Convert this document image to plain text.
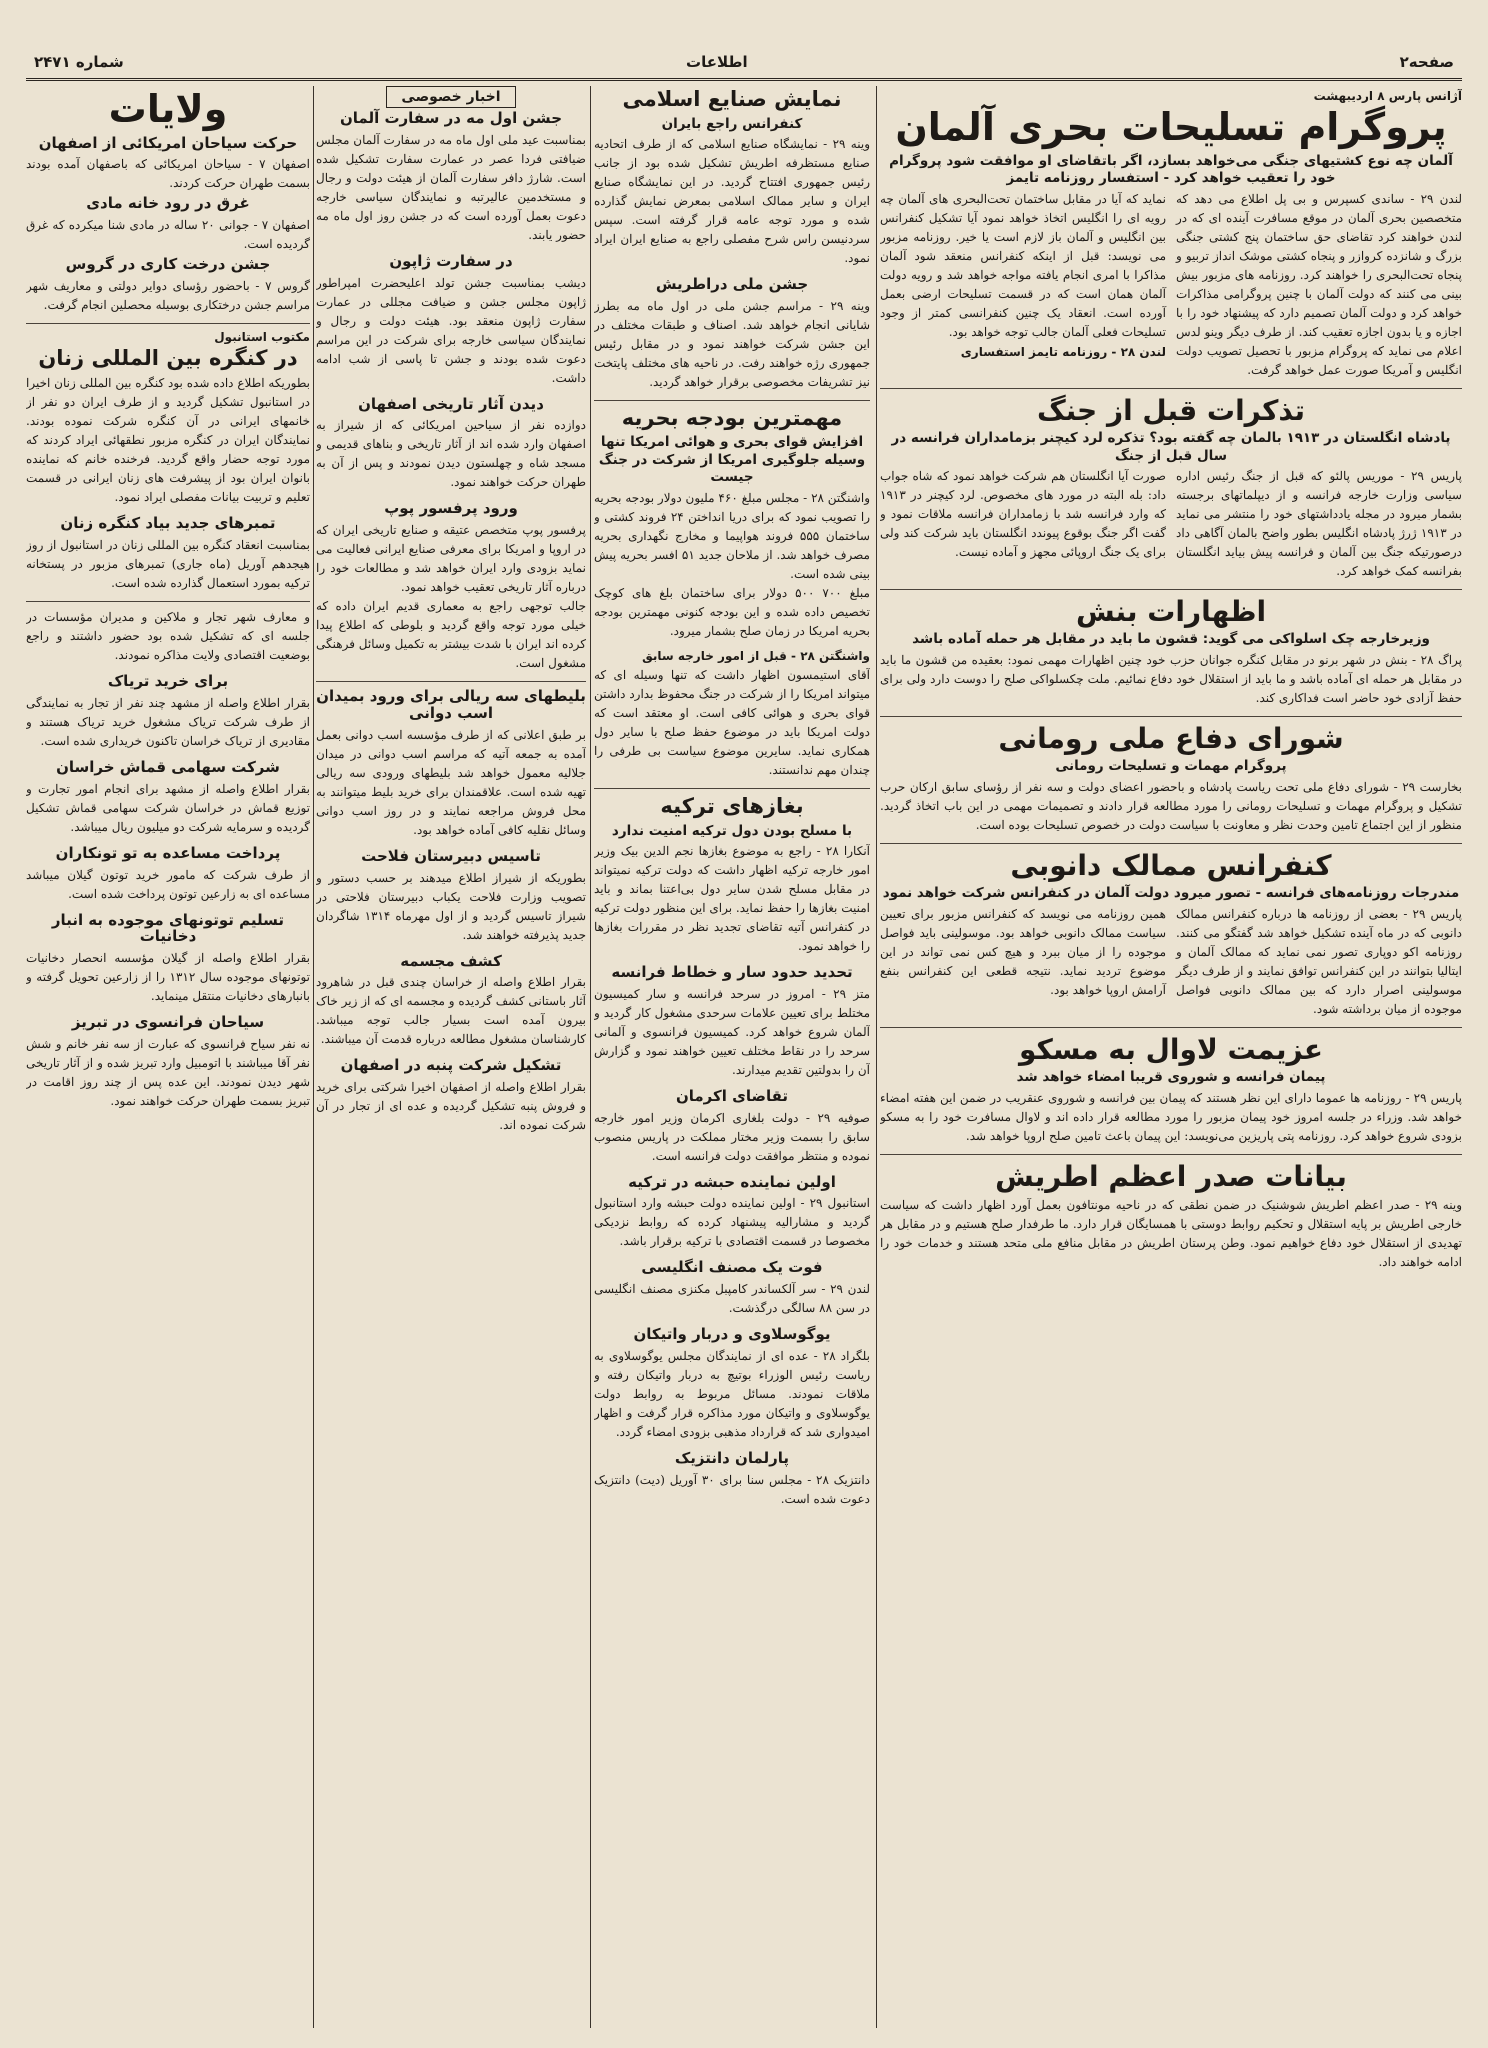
صفحه۲
اطلاعات
شماره ۲۴۷۱
آژانس پارس ۸ اردیبهشت
پروگرام تسلیحات بحری آلمان
آلمان چه نوع کشتیهای جنگی می‌خواهد بسازد، اگر باتقاضای او موافقت شود پروگرام خود را تعقیب خواهد کرد - استفسار روزنامه تایمز
لندن ۲۹ - ساندی کسپرس و بی پل اطلاع می دهد که متخصصین بحری آلمان در موقع مسافرت آینده ای که در لندن خواهند کرد تقاضای حق ساختمان پنج کشتی جنگی بزرگ و شانزده کروازر و پنجاه کشتی موشک انداز تربیو و پنجاه تحت‌البحری را خواهند کرد. روزنامه های مزبور بیش بینی می کنند که دولت آلمان با چنین پروگرامی مذاکرات خواهد کرد و دولت آلمان تصمیم دارد که پیشنهاد خود را با اجازه و یا بدون اجازه تعقیب کند. از طرف دیگر وینو لدس اعلام می نماید که پروگرام مزبور با تحصیل تصویب دولت انگلیس و آمریکا صورت عمل خواهد گرفت.
نماید که آیا در مقابل ساختمان تحت‌البحری های آلمان چه رویه ای را انگلیس اتخاذ خواهد نمود آیا تشکیل کنفرانس بین انگلیس و آلمان باز لازم است یا خیر. روزنامه مزبور می نویسد: قبل از اینکه کنفرانس منعقد شود آلمان مذاکرا با امری انجام یافته مواجه خواهد شد و رویه دولت آلمان همان است که در قسمت تسلیحات ارضی بعمل آورده است. انعقاد یک چنین کنفرانسی کمتر از وجود تسلیحات فعلی آلمان جالب توجه خواهد بود.
لندن ۲۸ - روزنامه تایمز استفساری
تذکرات قبل از جنگ
پادشاه انگلستان در ۱۹۱۳ بالمان چه گفته بود؟ تذکره لرد کیچنر بزمامداران فرانسه در سال قبل از جنگ
پاریس ۲۹ - موریس پالئو که قبل از جنگ رئیس اداره سیاسی وزارت خارجه فرانسه و از دیپلماتهای برجسته بشمار میرود در مجله یادداشتهای خود را منتشر می نماید در ۱۹۱۳ ژرژ پادشاه انگلیس بطور واضح بالمان آگاهی داد درصورتیکه جنگ بین آلمان و فرانسه پیش بیاید انگلستان بفرانسه کمک خواهد کرد.
صورت آیا انگلستان هم شرکت خواهد نمود که شاه جواب داد: بله البته در مورد های مخصوص. لرد کیچنر در ۱۹۱۳ که وارد فرانسه شد با زمامداران فرانسه ملاقات نمود و گفت اگر جنگ بوقوع پیوندد انگلستان باید شرکت کند ولی برای یک جنگ اروپائی مجهز و آماده نیست.
اظهارات بنش
وزیرخارجه چک اسلواکی می گوید: قشون ما باید در مقابل هر حمله آماده باشد
پراگ ۲۸ - بنش در شهر برنو در مقابل کنگره جوانان حزب خود چنین اظهارات مهمی نمود: بعقیده من قشون ما باید در مقابل هر حمله ای آماده باشد و ما باید از استقلال خود دفاع نمائیم. ملت چکسلواکی صلح را دوست دارد ولی برای حفظ آزادی خود حاضر است فداکاری کند.
شورای دفاع ملی رومانی
پروگرام مهمات و تسلیحات رومانی
بخارست ۲۹ - شورای دفاع ملی تحت ریاست پادشاه و باحضور اعضای دولت و سه نفر از رؤسای سابق ارکان حرب تشکیل و پروگرام مهمات و تسلیحات رومانی را مورد مطالعه قرار دادند و تصمیمات مهمی در این باب اتخاذ گردید. منظور از این اجتماع تامین وحدت نظر و معاونت با سیاست دولت در خصوص تسلیحات بوده است.
کنفرانس ممالک دانوبی
مندرجات روزنامه‌های فرانسه - تصور میرود دولت آلمان در کنفرانس شرکت خواهد نمود
پاریس ۲۹ - بعضی از روزنامه ها درباره کنفرانس ممالک دانوبی که در ماه آینده تشکیل خواهد شد گفتگو می کنند. روزنامه اکو دوپاری تصور نمی نماید که ممالک آلمان و ایتالیا بتوانند در این کنفرانس توافق نمایند و از طرف دیگر موسولینی اصرار دارد که بین ممالک دانوبی فواصل موجوده از میان برداشته شود.
همین روزنامه می نویسد که کنفرانس مزبور برای تعیین سیاست ممالک دانوبی خواهد بود. موسولینی باید فواصل موجوده را از میان ببرد و هیچ کس نمی تواند در این موضوع تردید نماید. نتیجه قطعی این کنفرانس بنفع آرامش اروپا خواهد بود.
عزیمت لاوال به مسکو
پیمان فرانسه و شوروی قریبا امضاء خواهد شد
پاریس ۲۹ - روزنامه ها عموما دارای این نظر هستند که پیمان بین فرانسه و شوروی عنقریب در ضمن این هفته امضاء خواهد شد. وزراء در جلسه امروز خود پیمان مزبور را مورد مطالعه قرار داده اند و لاوال مسافرت خود را به مسکو بزودی شروع خواهد کرد. روزنامه پتی پاریزین می‌نویسد: این پیمان باعث تامین صلح اروپا خواهد شد.
بیانات صدر اعظم اطریش
وینه ۲۹ - صدر اعظم اطریش شوشنیک در ضمن نطقی که در ناحیه مونتافون بعمل آورد اظهار داشت که سیاست خارجی اطریش بر پایه استقلال و تحکیم روابط دوستی با همسایگان قرار دارد. ما طرفدار صلح هستیم و در مقابل هر تهدیدی از استقلال خود دفاع خواهیم نمود. وطن پرستان اطریش در مقابل منافع ملی متحد هستند و خدمات خود را ادامه خواهند داد.
نمایش صنایع اسلامی
کنفرانس راجع بایران
وینه ۲۹ - نمایشگاه صنایع اسلامی که از طرف اتحادیه صنایع مستظرفه اطریش تشکیل شده بود از جانب رئیس جمهوری افتتاح گردید. در این نمایشگاه صنایع ایران و سایر ممالک اسلامی بمعرض نمایش گذارده شده و مورد توجه عامه قرار گرفته است. سپس سردنیسن راس شرح مفصلی راجع به صنایع ایران ایراد نمود.
جشن ملی دراطریش
وینه ۲۹ - مراسم جشن ملی در اول ماه مه بطرز شایانی انجام خواهد شد. اصناف و طبقات مختلف در این جشن شرکت خواهند نمود و در مقابل رئیس جمهوری رژه خواهند رفت. در ناحیه های مختلف پایتخت نیز تشریفات مخصوصی برقرار خواهد گردید.
مهمترین بودجه بحریه
افزایش قوای بحری و هوائی امریکا تنها وسیله جلوگیری امریکا از شرکت در جنگ جیست
واشنگتن ۲۸ - مجلس مبلغ ۴۶۰ ملیون دولار بودجه بحریه را تصویب نمود که برای دریا انداختن ۲۴ فروند کشتی و ساختمان ۵۵۵ فروند هواپیما و مخارج نگهداری بحریه مصرف خواهد شد. از ملاحان جدید ۵۱ افسر بحریه پیش بینی شده است.
مبلغ ۷۰۰ ۵۰۰ دولار برای ساختمان بلغ های کوچک تخصیص داده شده و این بودجه کنونی مهمترین بودجه بحریه امریکا در زمان صلح بشمار میرود.
واشنگتن ۲۸ - قبل از امور خارجه سابق
آقای استیمسون اظهار داشت که تنها وسیله ای که میتواند امریکا را از شرکت در جنگ محفوظ بدارد داشتن قوای بحری و هوائی کافی است. او معتقد است که دولت امریکا باید در موضوع حفظ صلح با سایر دول همکاری نماید. سایرین موضوع سیاست بی طرفی را چندان مهم ندانستند.
بغازهای ترکیه
با مسلح بودن دول ترکیه امنیت ندارد
آنکارا ۲۸ - راجع به موضوع بغازها نجم الدین بیک وزیر امور خارجه ترکیه اظهار داشت که دولت ترکیه نمیتواند در مقابل مسلح شدن سایر دول بی‌اعتنا بماند و باید امنیت بغازها را حفظ نماید. برای این منظور دولت ترکیه در کنفرانس آتیه تقاضای تجدید نظر در مقررات بغازها را خواهد نمود.
تحدید حدود سار و خطاط فرانسه
متز ۲۹ - امروز در سرحد فرانسه و سار کمیسیون مختلط برای تعیین علامات سرحدی مشغول کار گردید و آلمان شروع خواهد کرد. کمیسیون فرانسوی و آلمانی سرحد را در نقاط مختلف تعیین خواهند نمود و گزارش آن را بدولتین تقدیم میدارند.
تقاضای اکرمان
صوفیه ۲۹ - دولت بلغاری اکرمان وزیر امور خارجه سابق را بسمت وزیر مختار مملکت در پاریس منصوب نموده و منتظر موافقت دولت فرانسه است.
اولین نماینده حبشه در ترکیه
استانبول ۲۹ - اولین نماینده دولت حبشه وارد استانبول گردید و مشارالیه پیشنهاد کرده که روابط نزدیکی مخصوصا در قسمت اقتصادی با ترکیه برقرار باشد.
فوت یک مصنف انگلیسی
لندن ۲۹ - سر آلکساندر کامپبل مکنزی مصنف انگلیسی در سن ۸۸ سالگی درگذشت.
یوگوسلاوی و دربار واتیکان
بلگراد ۲۸ - عده ای از نمایندگان مجلس یوگوسلاوی به ریاست رئیس الوزراء بوتیچ به دربار واتیکان رفته و ملاقات نمودند. مسائل مربوط به روابط دولت یوگوسلاوی و واتیکان مورد مذاکره قرار گرفت و اظهار امیدواری شد که قرارداد مذهبی بزودی امضاء گردد.
پارلمان دانتزیک
دانتزیک ۲۸ - مجلس سنا برای ۳۰ آوریل (دیت) دانتزیک دعوت شده است.
اخبار خصوصی
جشن اول مه در سفارت آلمان
بمناسبت عید ملی اول ماه مه در سفارت آلمان مجلس ضیافتی فردا عصر در عمارت سفارت تشکیل شده است. شارژ دافر سفارت آلمان از هیئت دولت و رجال و مستخدمین عالیرتبه و نمایندگان سیاسی خارجه دعوت بعمل آورده است که در جشن روز اول ماه مه حضور یابند.
در سفارت ژاپون
دیشب بمناسبت جشن تولد اعلیحضرت امپراطور ژاپون مجلس جشن و ضیافت مجللی در عمارت سفارت ژاپون منعقد بود. هیئت دولت و رجال و نمایندگان سیاسی خارجه برای شرکت در این مراسم دعوت شده بودند و جشن تا پاسی از شب ادامه داشت.
دیدن آثار تاریخی اصفهان
دوازده نفر از سیاحین امریکائی که از شیراز به اصفهان وارد شده اند از آثار تاریخی و بناهای قدیمی و مسجد شاه و چهلستون دیدن نمودند و پس از آن به طهران حرکت خواهند نمود.
ورود پرفسور پوپ
پرفسور پوپ متخصص عتیقه و صنایع تاریخی ایران که در اروپا و امریکا برای معرفی صنایع ایرانی فعالیت می نماید بزودی وارد ایران خواهد شد و مطالعات خود را درباره آثار تاریخی تعقیب خواهد نمود.
جالب توجهی راجع به معماری قدیم ایران داده که خیلی مورد توجه واقع گردید و بلوطی که اطلاع پیدا کرده اند ایران با شدت بیشتر به تکمیل وسائل فرهنگی مشغول است.
بلیطهای سه ریالی برای ورود بمیدان اسب دوانی
بر طبق اعلانی که از طرف مؤسسه اسب دوانی بعمل آمده به جمعه آتیه که مراسم اسب دوانی در میدان جلالیه معمول خواهد شد بلیطهای ورودی سه ریالی تهیه شده است. علاقمندان برای خرید بلیط میتوانند به محل فروش مراجعه نمایند و در روز اسب دوانی وسائل نقلیه کافی آماده خواهد بود.
تاسیس دبیرستان فلاحت
بطوریکه از شیراز اطلاع میدهند بر حسب دستور و تصویب وزارت فلاحت یکباب دبیرستان فلاحتی در شیراز تاسیس گردید و از اول مهرماه ۱۳۱۴ شاگردان جدید پذیرفته خواهند شد.
کشف مجسمه
بقرار اطلاع واصله از خراسان چندی قبل در شاهرود آثار باستانی کشف گردیده و مجسمه ای که از زیر خاک بیرون آمده است بسیار جالب توجه میباشد. کارشناسان مشغول مطالعه درباره قدمت آن میباشند.
تشکیل شرکت پنبه در اصفهان
بقرار اطلاع واصله از اصفهان اخیرا شرکتی برای خرید و فروش پنبه تشکیل گردیده و عده ای از تجار در آن شرکت نموده اند.
ولایات
حرکت سیاحان امریکائی از اصفهان
اصفهان ۷ - سیاحان امریکائی که باصفهان آمده بودند بسمت طهران حرکت کردند.
غرق در رود خانه مادی
اصفهان ۷ - جوانی ۲۰ ساله در مادی شنا میکرده که غرق گردیده است.
جشن درخت کاری در گروس
گروس ۷ - باحضور رؤسای دوایر دولتی و معاریف شهر مراسم جشن درختکاری بوسیله محصلین انجام گرفت.
مکتوب استانبول
در کنگره بین المللی زنان
بطوریکه اطلاع داده شده بود کنگره بین المللی زنان اخیرا در استانبول تشکیل گردید و از طرف ایران دو نفر از خانمهای ایرانی در آن کنگره شرکت نموده بودند. نمایندگان ایران در کنگره مزبور نطقهائی ایراد کردند که مورد توجه حضار واقع گردید. فرخنده خانم که نماینده بانوان ایران بود از پیشرفت های زنان ایرانی در قسمت تعلیم و تربیت بیانات مفصلی ایراد نمود.
تمبرهای جدید بیاد کنگره زنان
بمناسبت انعقاد کنگره بین المللی زنان در استانبول از روز هیجدهم آوریل (ماه جاری) تمبرهای مزبور در پستخانه ترکیه بمورد استعمال گذارده شده است.
و معارف شهر تجار و ملاکین و مدیران مؤسسات در جلسه ای که تشکیل شده بود حضور داشتند و راجع بوضعیت اقتصادی ولایت مذاکره نمودند.
برای خرید تریاک
بقرار اطلاع واصله از مشهد چند نفر از تجار به نمایندگی از طرف شرکت تریاک مشغول خرید تریاک هستند و مقادیری از تریاک خراسان تاکنون خریداری شده است.
شرکت سهامی قماش خراسان
بقرار اطلاع واصله از مشهد برای انجام امور تجارت و توزیع قماش در خراسان شرکت سهامی قماش تشکیل گردیده و سرمایه شرکت دو میلیون ریال میباشد.
پرداخت مساعده به تو تونکاران
از طرف شرکت که مامور خرید توتون گیلان میباشد مساعده ای به زارعین توتون پرداخت شده است.
تسلیم توتونهای موجوده به انبار دخانیات
بقرار اطلاع واصله از گیلان مؤسسه انحصار دخانیات توتونهای موجوده سال ۱۳۱۲ را از زارعین تحویل گرفته و بانبارهای دخانیات منتقل مینماید.
سیاحان فرانسوی در تبریز
نه نفر سیاح فرانسوی که عبارت از سه نفر خانم و شش نفر آقا میباشند با اتومبیل وارد تبریز شده و از آثار تاریخی شهر دیدن نمودند. این عده پس از چند روز اقامت در تبریز بسمت طهران حرکت خواهند نمود.
